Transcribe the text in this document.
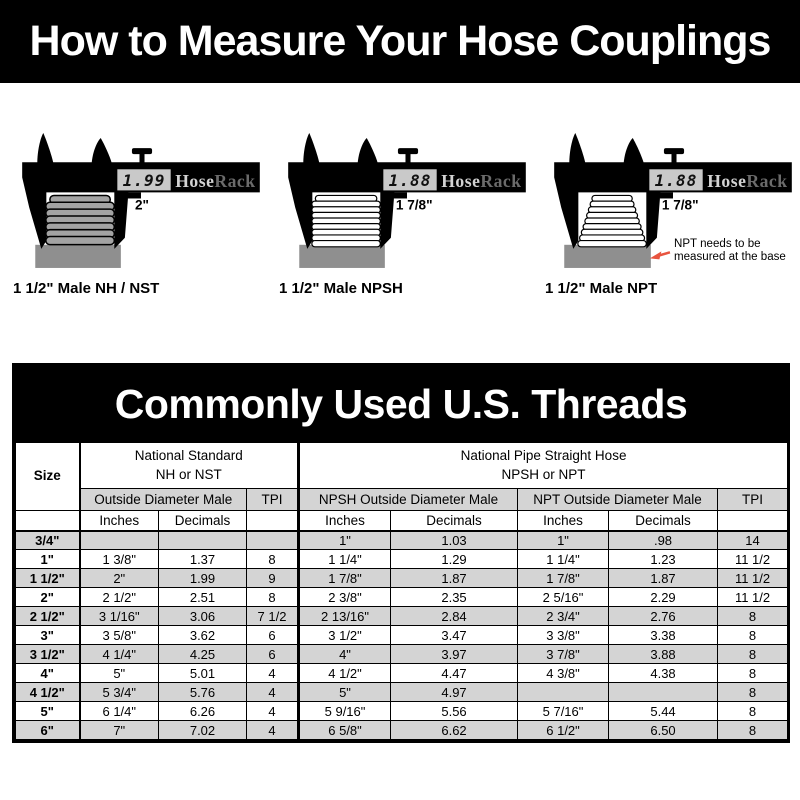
How to Measure Your Hose Couplings
1.99 HoseRack
2"
1 1/2" Male NH / NST
1.88 HoseRack
1 7/8"
1 1/2" Male NPSH
1.88 HoseRack
1 7/8"
NPT needs to be measured at the base
1 1/2" Male NPT
Commonly Used U.S. Threads
Size	National Standard
NH or NST			National Pipe Straight Hose
NPSH or NPT				
	Outside Diameter Male		TPI	NPSH Outside Diameter Male		NPT Outside Diameter Male		TPI
	Inches	Decimals		Inches	Decimals	Inches	Decimals	
3/4"				1"	1.03	1"	.98	14
1"	1 3/8"	1.37	8	1 1/4"	1.29	1 1/4"	1.23	11 1/2
1 1/2"	2"	1.99	9	1 7/8"	1.87	1 7/8"	1.87	11 1/2
2"	2 1/2"	2.51	8	2 3/8"	2.35	2 5/16"	2.29	11 1/2
2 1/2"	3 1/16"	3.06	7 1/2	2 13/16"	2.84	2 3/4"	2.76	8
3"	3 5/8"	3.62	6	3 1/2"	3.47	3 3/8"	3.38	8
3 1/2"	4 1/4"	4.25	6	4"	3.97	3 7/8"	3.88	8
4"	5"	5.01	4	4 1/2"	4.47	4 3/8"	4.38	8
4 1/2"	5 3/4"	5.76	4	5"	4.97			8
5"	6 1/4"	6.26	4	5 9/16"	5.56	5 7/16"	5.44	8
6"	7"	7.02	4	6 5/8"	6.62	6 1/2"	6.50	8
